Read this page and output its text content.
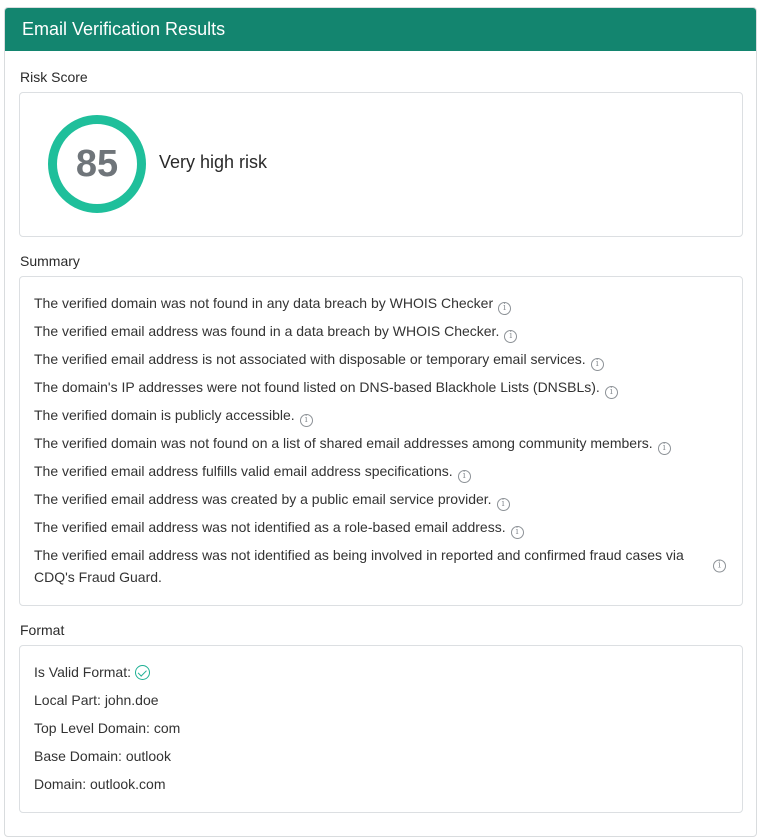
Email Verification Results
Risk Score
85	Very high risk
Summary
The verified domain was not found in any data breach by WHOIS Checker i
The verified email address was found in a data breach by WHOIS Checker. i
The verified email address is not associated with disposable or temporary email services. i
The domain's IP addresses were not found listed on DNS-based Blackhole Lists (DNSBLs). i
The verified domain is publicly accessible. i
The verified domain was not found on a list of shared email addresses among community members. i
The verified email address fulfills valid email address specifications. i
The verified email address was created by a public email service provider. i
The verified email address was not identified as a role-based email address. i
The verified email address was not identified as being involved in reported and confirmed fraud cases via CDQ's Fraud Guard.
i
Format
Is Valid Format:
Local Part: john.doe
Top Level Domain: com
Base Domain: outlook
Domain: outlook.com
